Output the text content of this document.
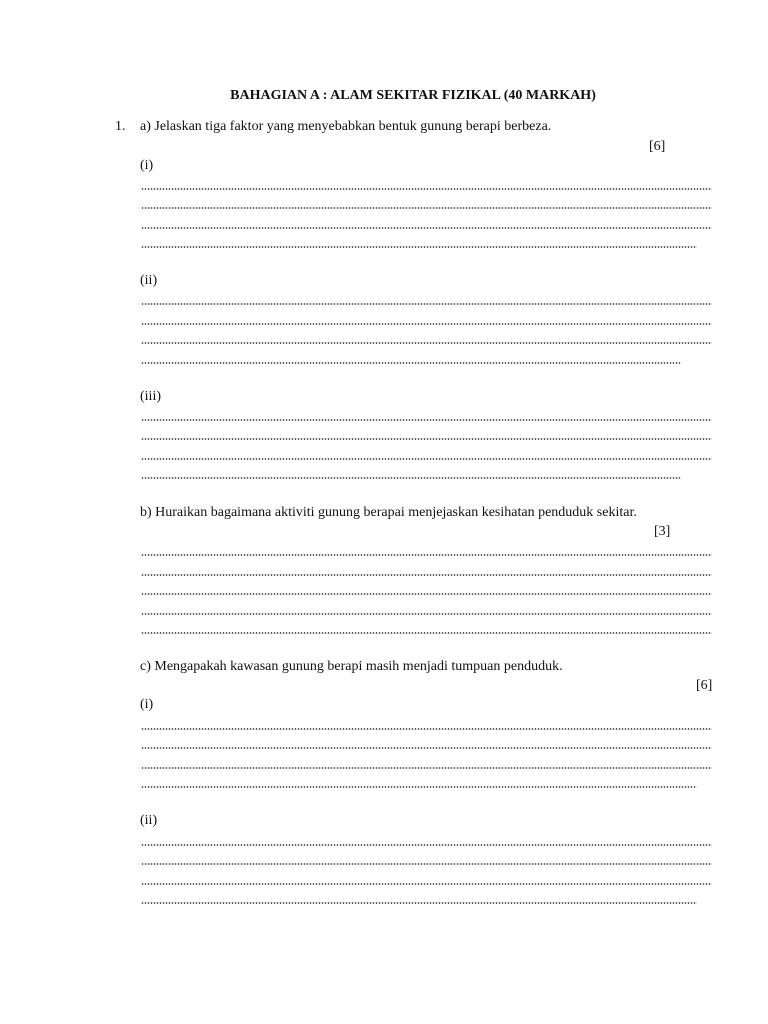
BAHAGIAN A : ALAM SEKITAR FIZIKAL (40 MARKAH)
1. a) Jelaskan tiga faktor yang menyebabkan bentuk gunung berapi berbeza.
[6]
(i)
(ii)
(iii)
b) Huraikan bagaimana aktiviti gunung berapai menjejaskan kesihatan penduduk sekitar.
[3]
c) Mengapakah kawasan gunung berapi masih menjadi tumpuan penduduk.
[6]
(i)
(ii)
